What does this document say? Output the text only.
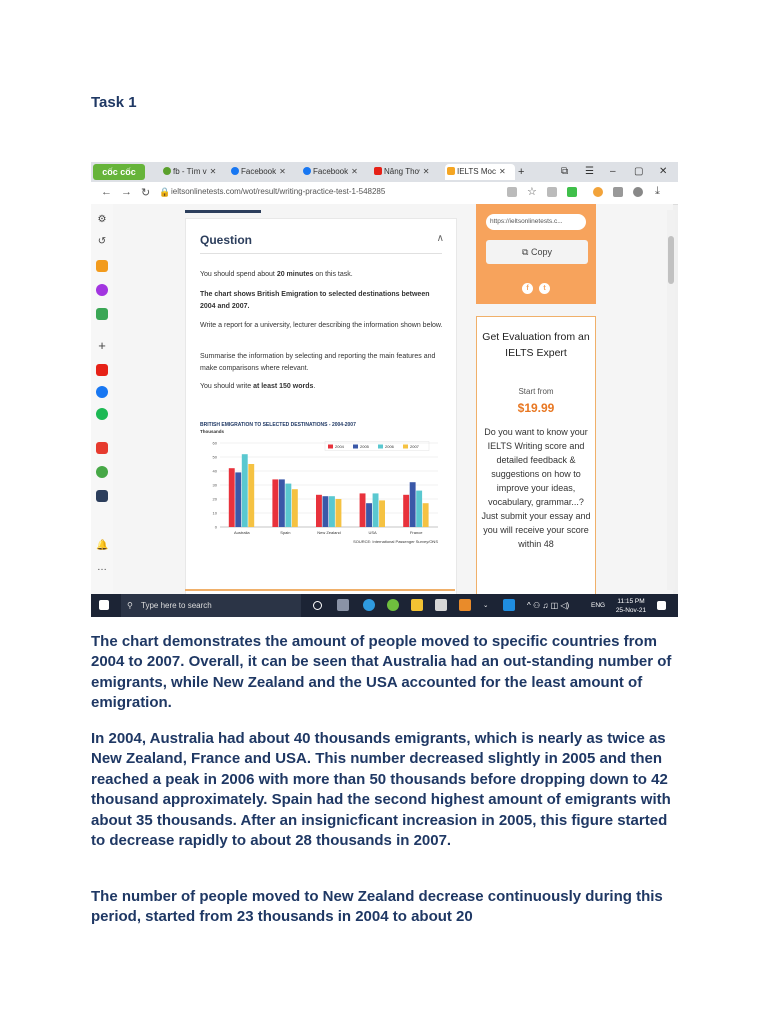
Task 1
cốc cốc	fb - Tìm v ✕	Facebook ✕	Facebook ✕	Nâng Thơ ✕	IELTS Moc ✕	+	⧉ ☰ – ▢ ✕
← → ↻ 🔒 ieltsonlinetests.com/wot/result/writing-practice-test-1-548285	☆	⤓
⚙
↺
+
🔔
…
Question	∧
You should spend about 20 minutes on this task.
The chart shows British Emigration to selected destinations between 2004 and 2007.
Write a report for a university, lecturer describing the information shown below.
Summarise the information by selecting and reporting the main features and make comparisons where relevant.
You should write at least 150 words.
BRITISH EMIGRATION TO SELECTED DESTINATIONS - 2004-2007
Thousands
0
10
20
30
40
50
60
Australia	Spain	New Zealand	USA	France
2004	2005	2006	2007
SOURCE: International Passenger Survey/ONS
https://ieltsonlinetests.c...
⧉ Copy
f	t
Get Evaluation from an IELTS Expert
Start from
$19.99
Do you want to know your IELTS Writing score and detailed feedback & suggestions on how to improve your ideas, vocabulary, grammar...? Just submit your essay and you will receive your score within 48
⚲ Type here to search	⌄	^ ⚇ ♫ ◫ ◁)	ENG
11:15 PM
25-Nov-21

The chart demonstrates the amount of people moved to specific countries from 2004 to 2007. Overall, it can be seen that Australia had an out-standing number of emigrants, while New Zealand and the USA accounted for the least amount of emigration.

In 2004, Australia had about 40 thousands emigrants, which is nearly as twice as New Zealand, France and USA. This number decreased slightly in 2005 and then reached a peak in 2006 with more than 50 thousands before dropping down to 42 thousand approximately. Spain had the second highest amount of emigrants with about 35 thousands. After an insignicficant increasion in 2005, this figure started to decrease rapidly to about 28 thousands in 2007.

The number of people moved to New Zealand decrease continuously during this period, started from 23 thousands in 2004 to about 20
